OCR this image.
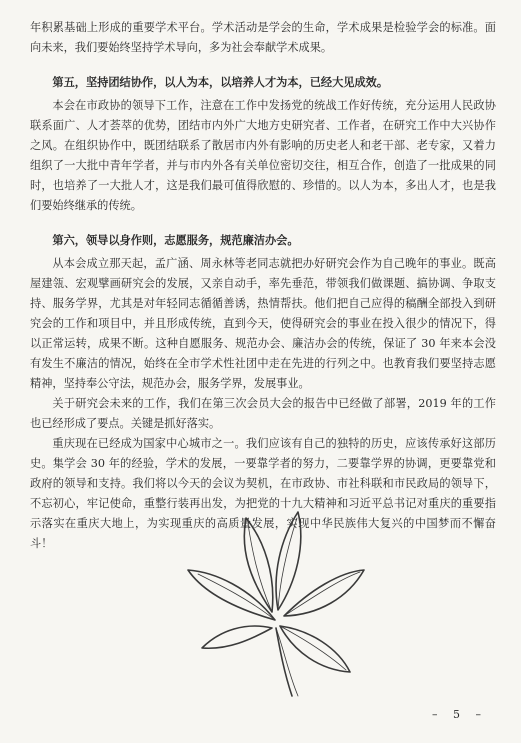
年积累基础上形成的重要学术平台。学术活动是学会的生命，学术成果是检验学会的标准。面向未来，我们要始终坚持学术导向，多为社会奉献学术成果。

第五，坚持团结协作，以人为本，以培养人才为本，已经大见成效。

本会在市政协的领导下工作，注意在工作中发扬党的统战工作好传统，充分运用人民政协联系面广、人才荟萃的优势，团结市内外广大地方史研究者、工作者，在研究工作中大兴协作之风。在组织协作中，既团结联系了散居市内外有影响的历史老人和老干部、老专家，又着力组织了一大批中青年学者，并与市内外各有关单位密切交往，相互合作，创造了一批成果的同时，也培养了一大批人才，这是我们最可值得欣慰的、珍惜的。以人为本，多出人才，也是我们要始终继承的传统。

第六，领导以身作则，志愿服务，规范廉洁办会。

从本会成立那天起，孟广涵、周永林等老同志就把办好研究会作为自己晚年的事业。既高屋建瓴、宏观擘画研究会的发展，又亲自动手，率先垂范，带领我们做课题、搞协调、争取支持、服务学界，尤其是对年轻同志循循善诱，热情帮扶。他们把自己应得的稿酬全部投入到研究会的工作和项目中，并且形成传统，直到今天，使得研究会的事业在投入很少的情况下，得以正常运转，成果不断。这种自愿服务、规范办会、廉洁办会的传统，保证了 30 年来本会没有发生不廉洁的情况，始终在全市学术性社团中走在先进的行列之中。也教育我们要坚持志愿精神，坚持奉公守法，规范办会，服务学界，发展事业。

关于研究会未来的工作，我们在第三次会员大会的报告中已经做了部署，2019 年的工作也已经形成了要点。关键是抓好落实。

重庆现在已经成为国家中心城市之一。我们应该有自己的独特的历史，应该传承好这部历史。集学会 30 年的经验，学术的发展，一要靠学者的努力，二要靠学界的协调，更要靠党和政府的领导和支持。我们将以今天的会议为契机，在市政协、市社科联和市民政局的领导下，不忘初心，牢记使命，重整行装再出发，为把党的十九大精神和习近平总书记对重庆的重要指示落实在重庆大地上，为实现重庆的高质量发展，实现中华民族伟大复兴的中国梦而不懈奋斗！

– 5 –
